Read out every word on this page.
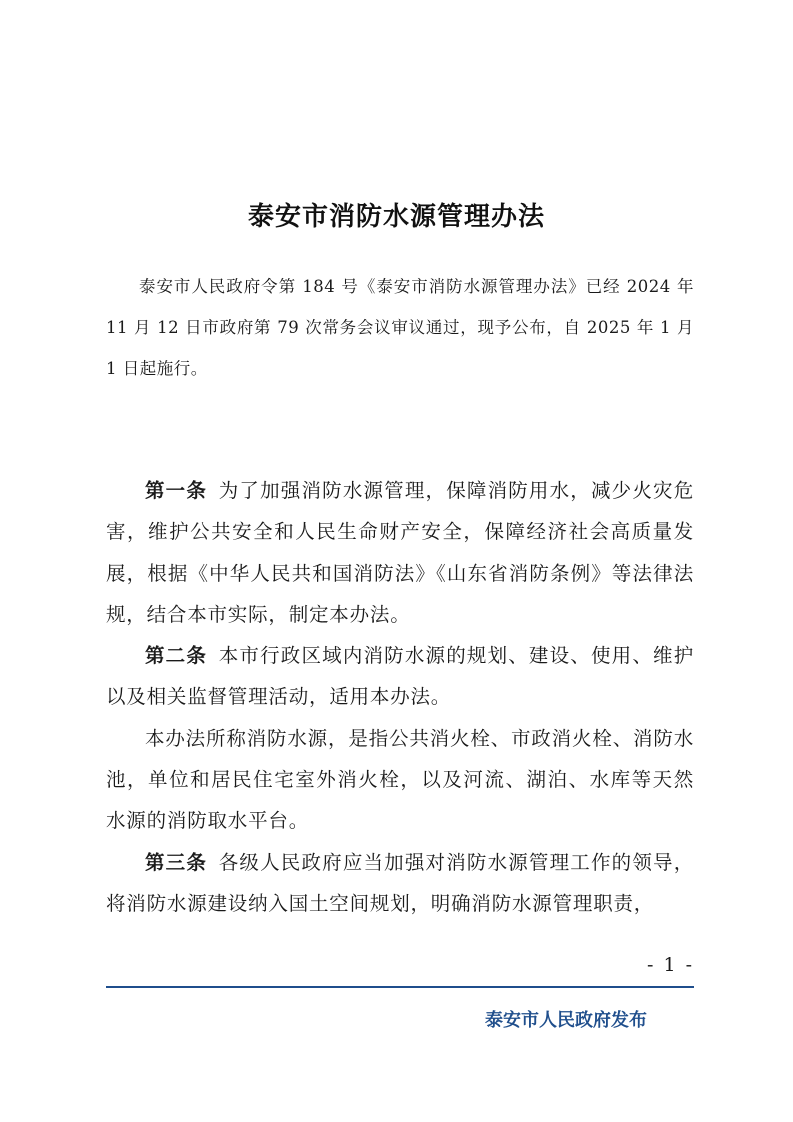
泰安市消防水源管理办法
泰安市人民政府令第 184 号《泰安市消防水源管理办法》已经 2024 年 11 月 12 日市政府第 79 次常务会议审议通过，现予公布，自 2025 年 1 月 1 日起施行。

第一条 为了加强消防水源管理，保障消防用水，减少火灾危害，维护公共安全和人民生命财产安全，保障经济社会高质量发展，根据《中华人民共和国消防法》《山东省消防条例》等法律法规，结合本市实际，制定本办法。

第二条 本市行政区域内消防水源的规划、建设、使用、维护以及相关监督管理活动，适用本办法。

本办法所称消防水源，是指公共消火栓、市政消火栓、消防水池，单位和居民住宅室外消火栓，以及河流、湖泊、水库等天然水源的消防取水平台。

第三条 各级人民政府应当加强对消防水源管理工作的领导，将消防水源建设纳入国土空间规划，明确消防水源管理职责，

- 1 -
泰安市人民政府发布
